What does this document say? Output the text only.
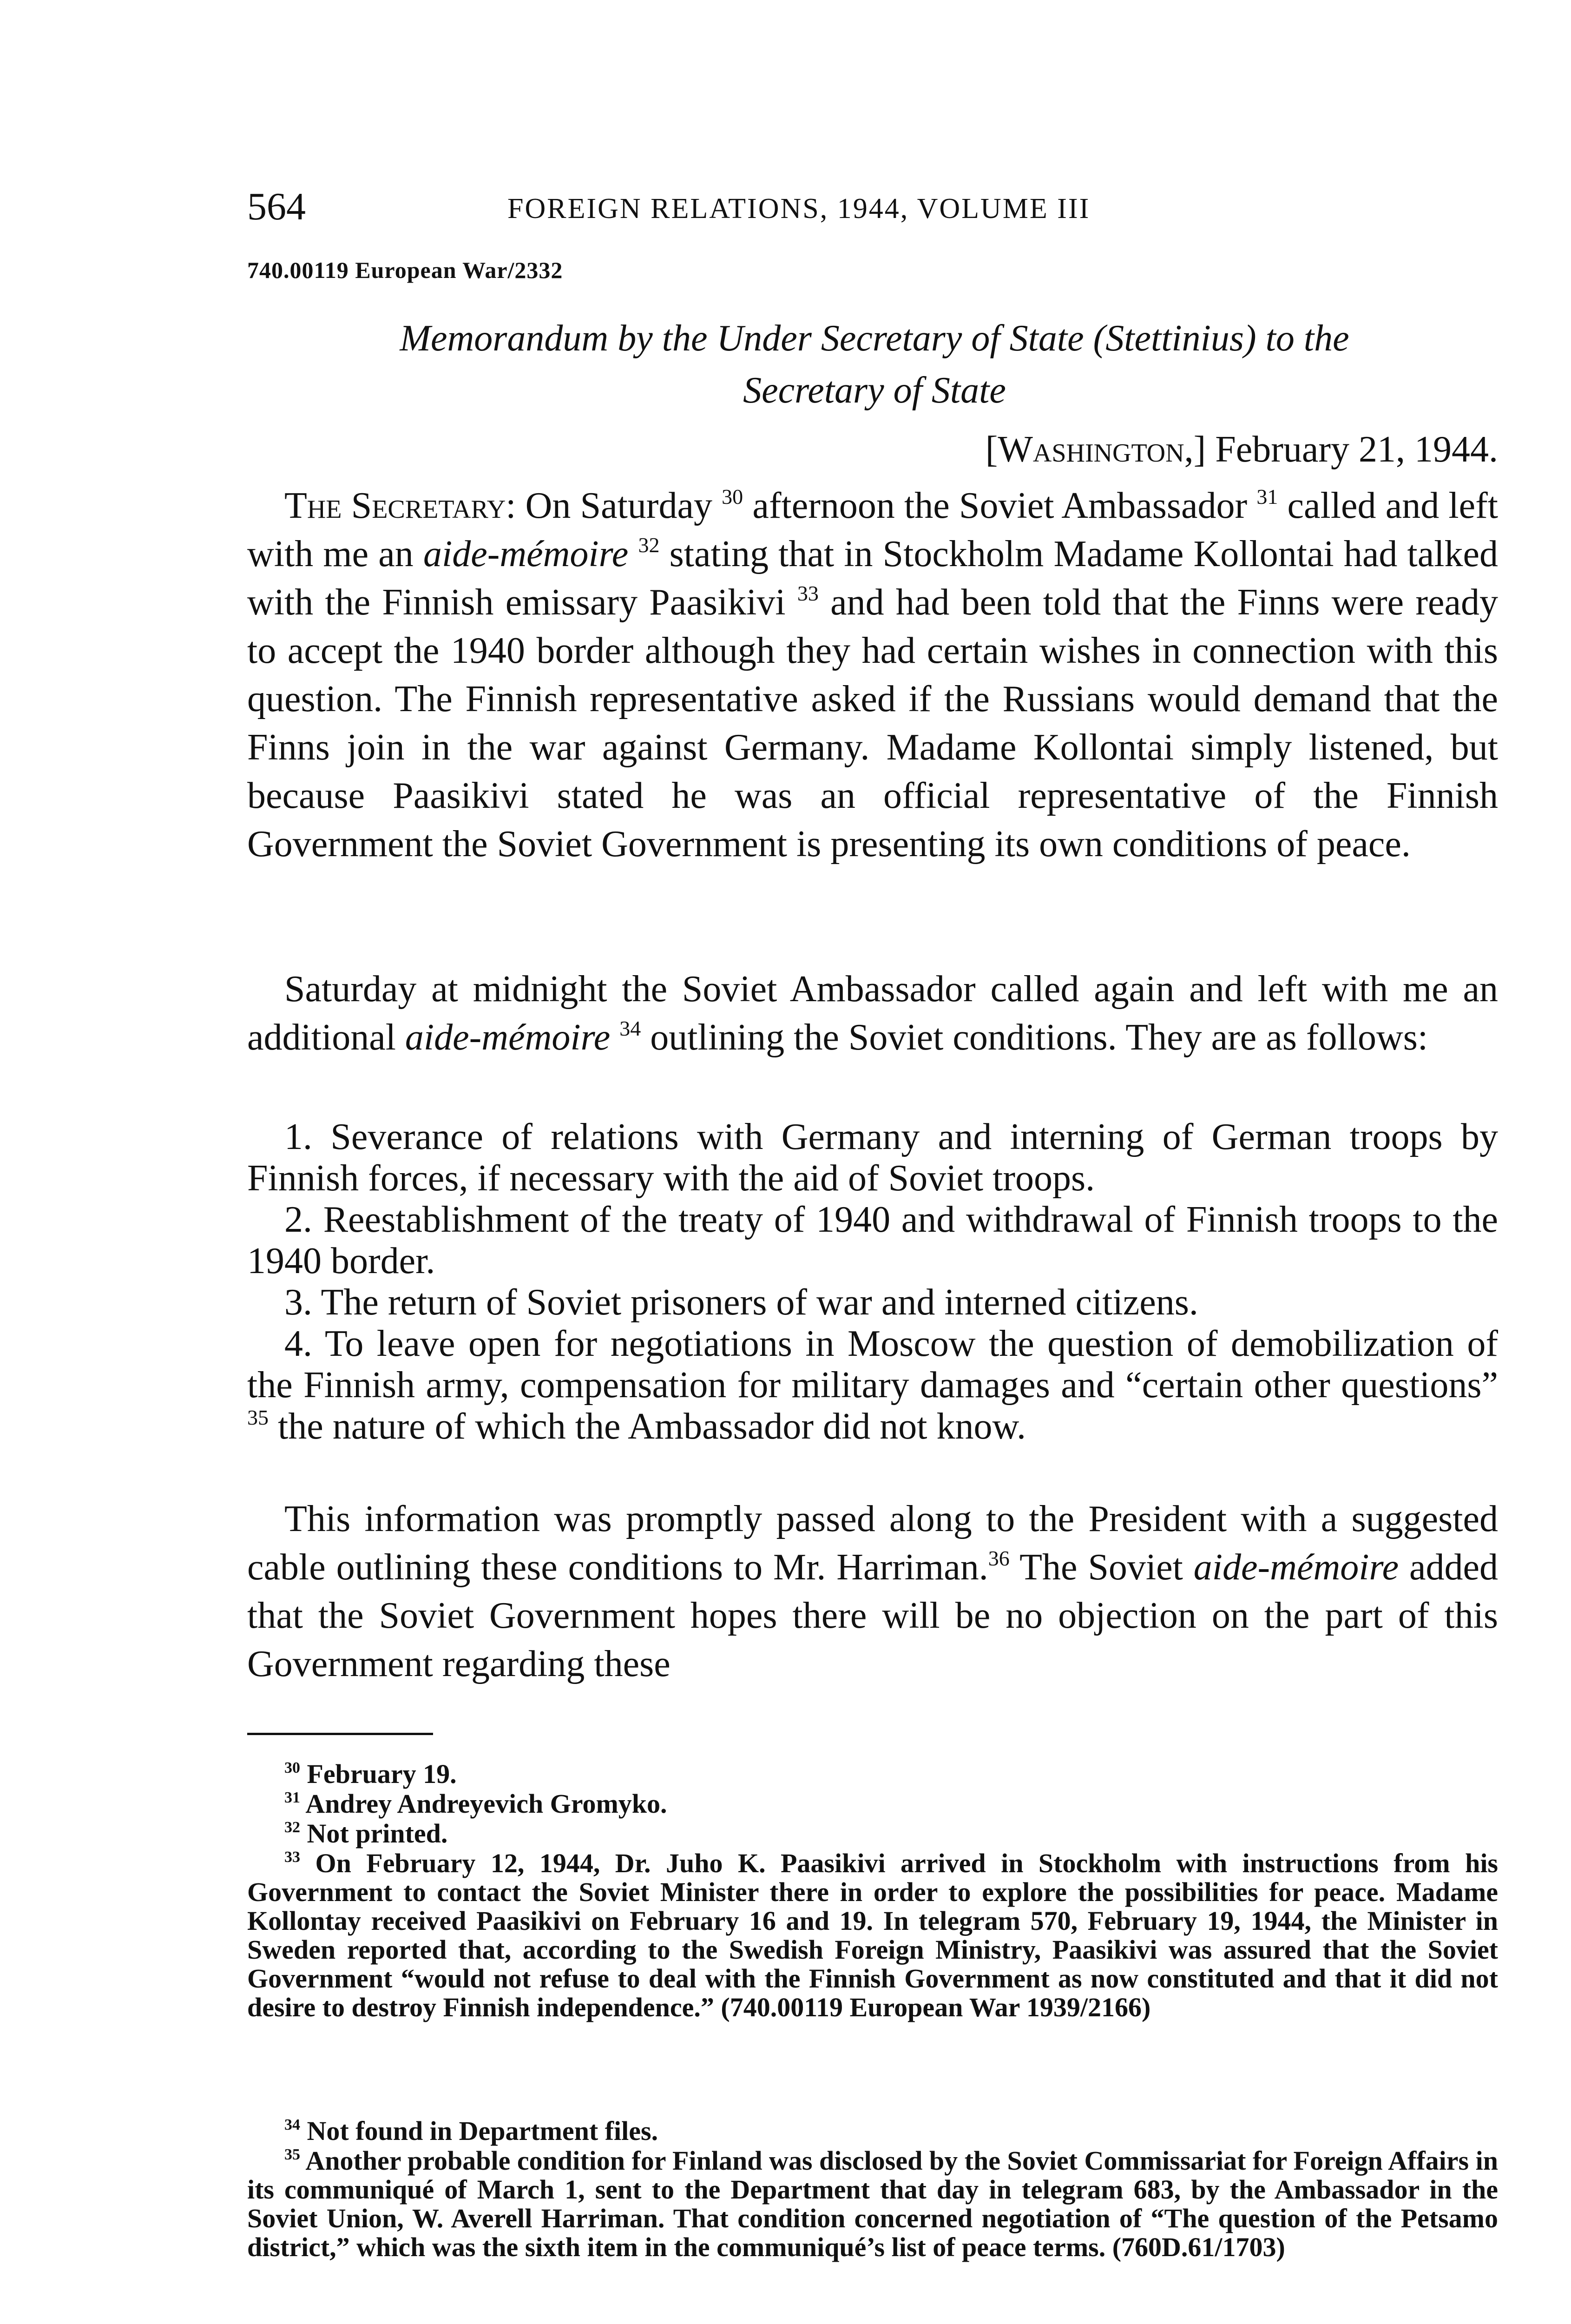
564	FOREIGN RELATIONS, 1944, VOLUME III

740.00119 European War/2332

Memorandum by the Under Secretary of State (Stettinius) to the
Secretary of State

[Washington,] February 21, 1944.

The Secretary: On Saturday $^{30}$ afternoon the Soviet Ambassador $^{31}$ called and left with me an aide-mémoire $^{32}$ stating that in Stockholm Madame Kollontai had talked with the Finnish emissary Paasikivi $^{33}$ and had been told that the Finns were ready to accept the 1940 border although they had certain wishes in connection with this question. The Finnish representative asked if the Russians would demand that the Finns join in the war against Germany. Madame Kollontai simply listened, but because Paasikivi stated he was an official representative of the Finnish Government the Soviet Government is presenting its own conditions of peace.

Saturday at midnight the Soviet Ambassador called again and left with me an additional aide-mémoire $^{34}$ outlining the Soviet conditions. They are as follows:

1. Severance of relations with Germany and interning of German troops by Finnish forces, if necessary with the aid of Soviet troops.

2. Reestablishment of the treaty of 1940 and withdrawal of Finnish troops to the 1940 border.

3. The return of Soviet prisoners of war and interned citizens.

4. To leave open for negotiations in Moscow the question of demobilization of the Finnish army, compensation for military damages and “certain other questions” $^{35}$ the nature of which the Ambassador did not know.

This information was promptly passed along to the President with a suggested cable outlining these conditions to Mr. Harriman.$^{36}$ The Soviet aide-mémoire added that the Soviet Government hopes there will be no objection on the part of this Government regarding these

$^{30}$ February 19.

$^{31}$ Andrey Andreyevich Gromyko.

$^{32}$ Not printed.

$^{33}$ On February 12, 1944, Dr. Juho K. Paasikivi arrived in Stockholm with instructions from his Government to contact the Soviet Minister there in order to explore the possibilities for peace. Madame Kollontay received Paasikivi on February 16 and 19. In telegram 570, February 19, 1944, the Minister in Sweden reported that, according to the Swedish Foreign Ministry, Paasikivi was assured that the Soviet Government “would not refuse to deal with the Finnish Government as now constituted and that it did not desire to destroy Finnish independence.” (740.00119 European War 1939/2166)

$^{34}$ Not found in Department files.

$^{35}$ Another probable condition for Finland was disclosed by the Soviet Commissariat for Foreign Affairs in its communiqué of March 1, sent to the Department that day in telegram 683, by the Ambassador in the Soviet Union, W. Averell Harriman. That condition concerned negotiation of “The question of the Petsamo district,” which was the sixth item in the communiqué’s list of peace terms. (760D.61/1703)
